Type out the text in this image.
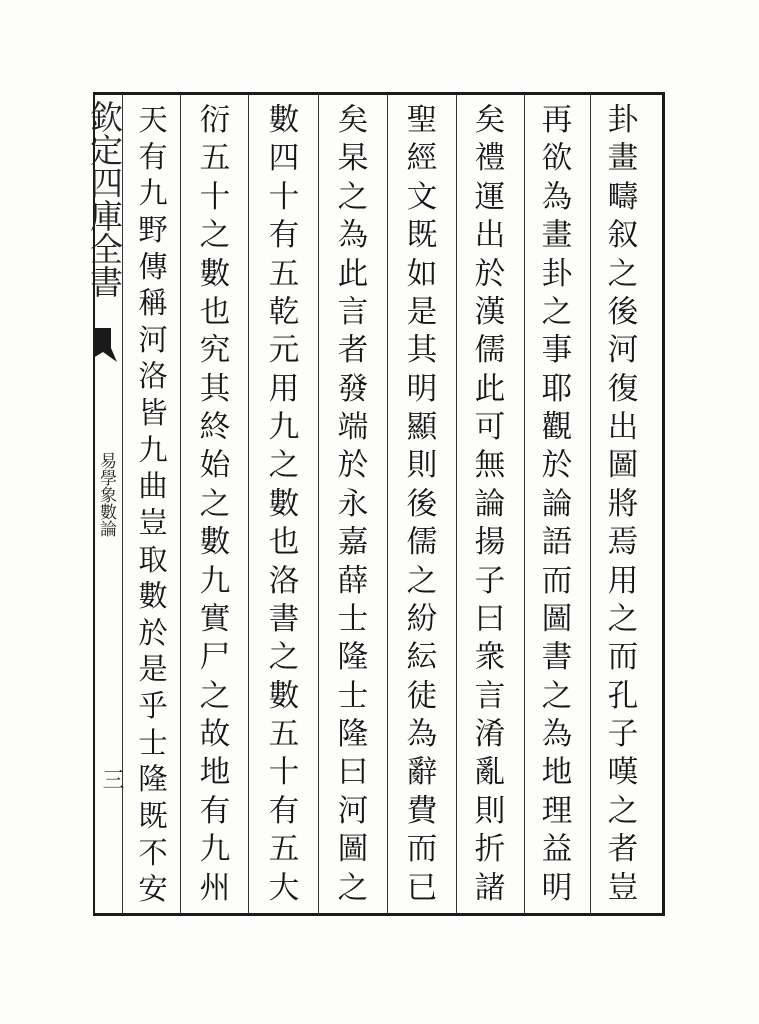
欽定四庫全書
易學象數論
三
卦
畫
疇
叙
之
後
河
復
出
圖
將
焉
用
之
而
孔
子
嘆
之
者
豈
再
欲
為
畫
卦
之
事
耶
觀
於
論
語
而
圖
書
之
為
地
理
益
明
矣
禮
運
出
於
漢
儒
此
可
無
論
揚
子
曰
衆
言
淆
亂
則
折
諸
聖
經
文
既
如
是
其
明
顯
則
後
儒
之
紛
紜
徒
為
辭
費
而
已
矣
杲
之
為
此
言
者
發
端
於
永
嘉
薛
士
隆
士
隆
曰
河
圖
之
數
四
十
有
五
乾
元
用
九
之
數
也
洛
書
之
數
五
十
有
五
大
衍
五
十
之
數
也
究
其
終
始
之
數
九
實
尸
之
故
地
有
九
州
天
有
九
野
傳
稱
河
洛
皆
九
曲
豈
取
數
於
是
乎
士
隆
既
不
安
